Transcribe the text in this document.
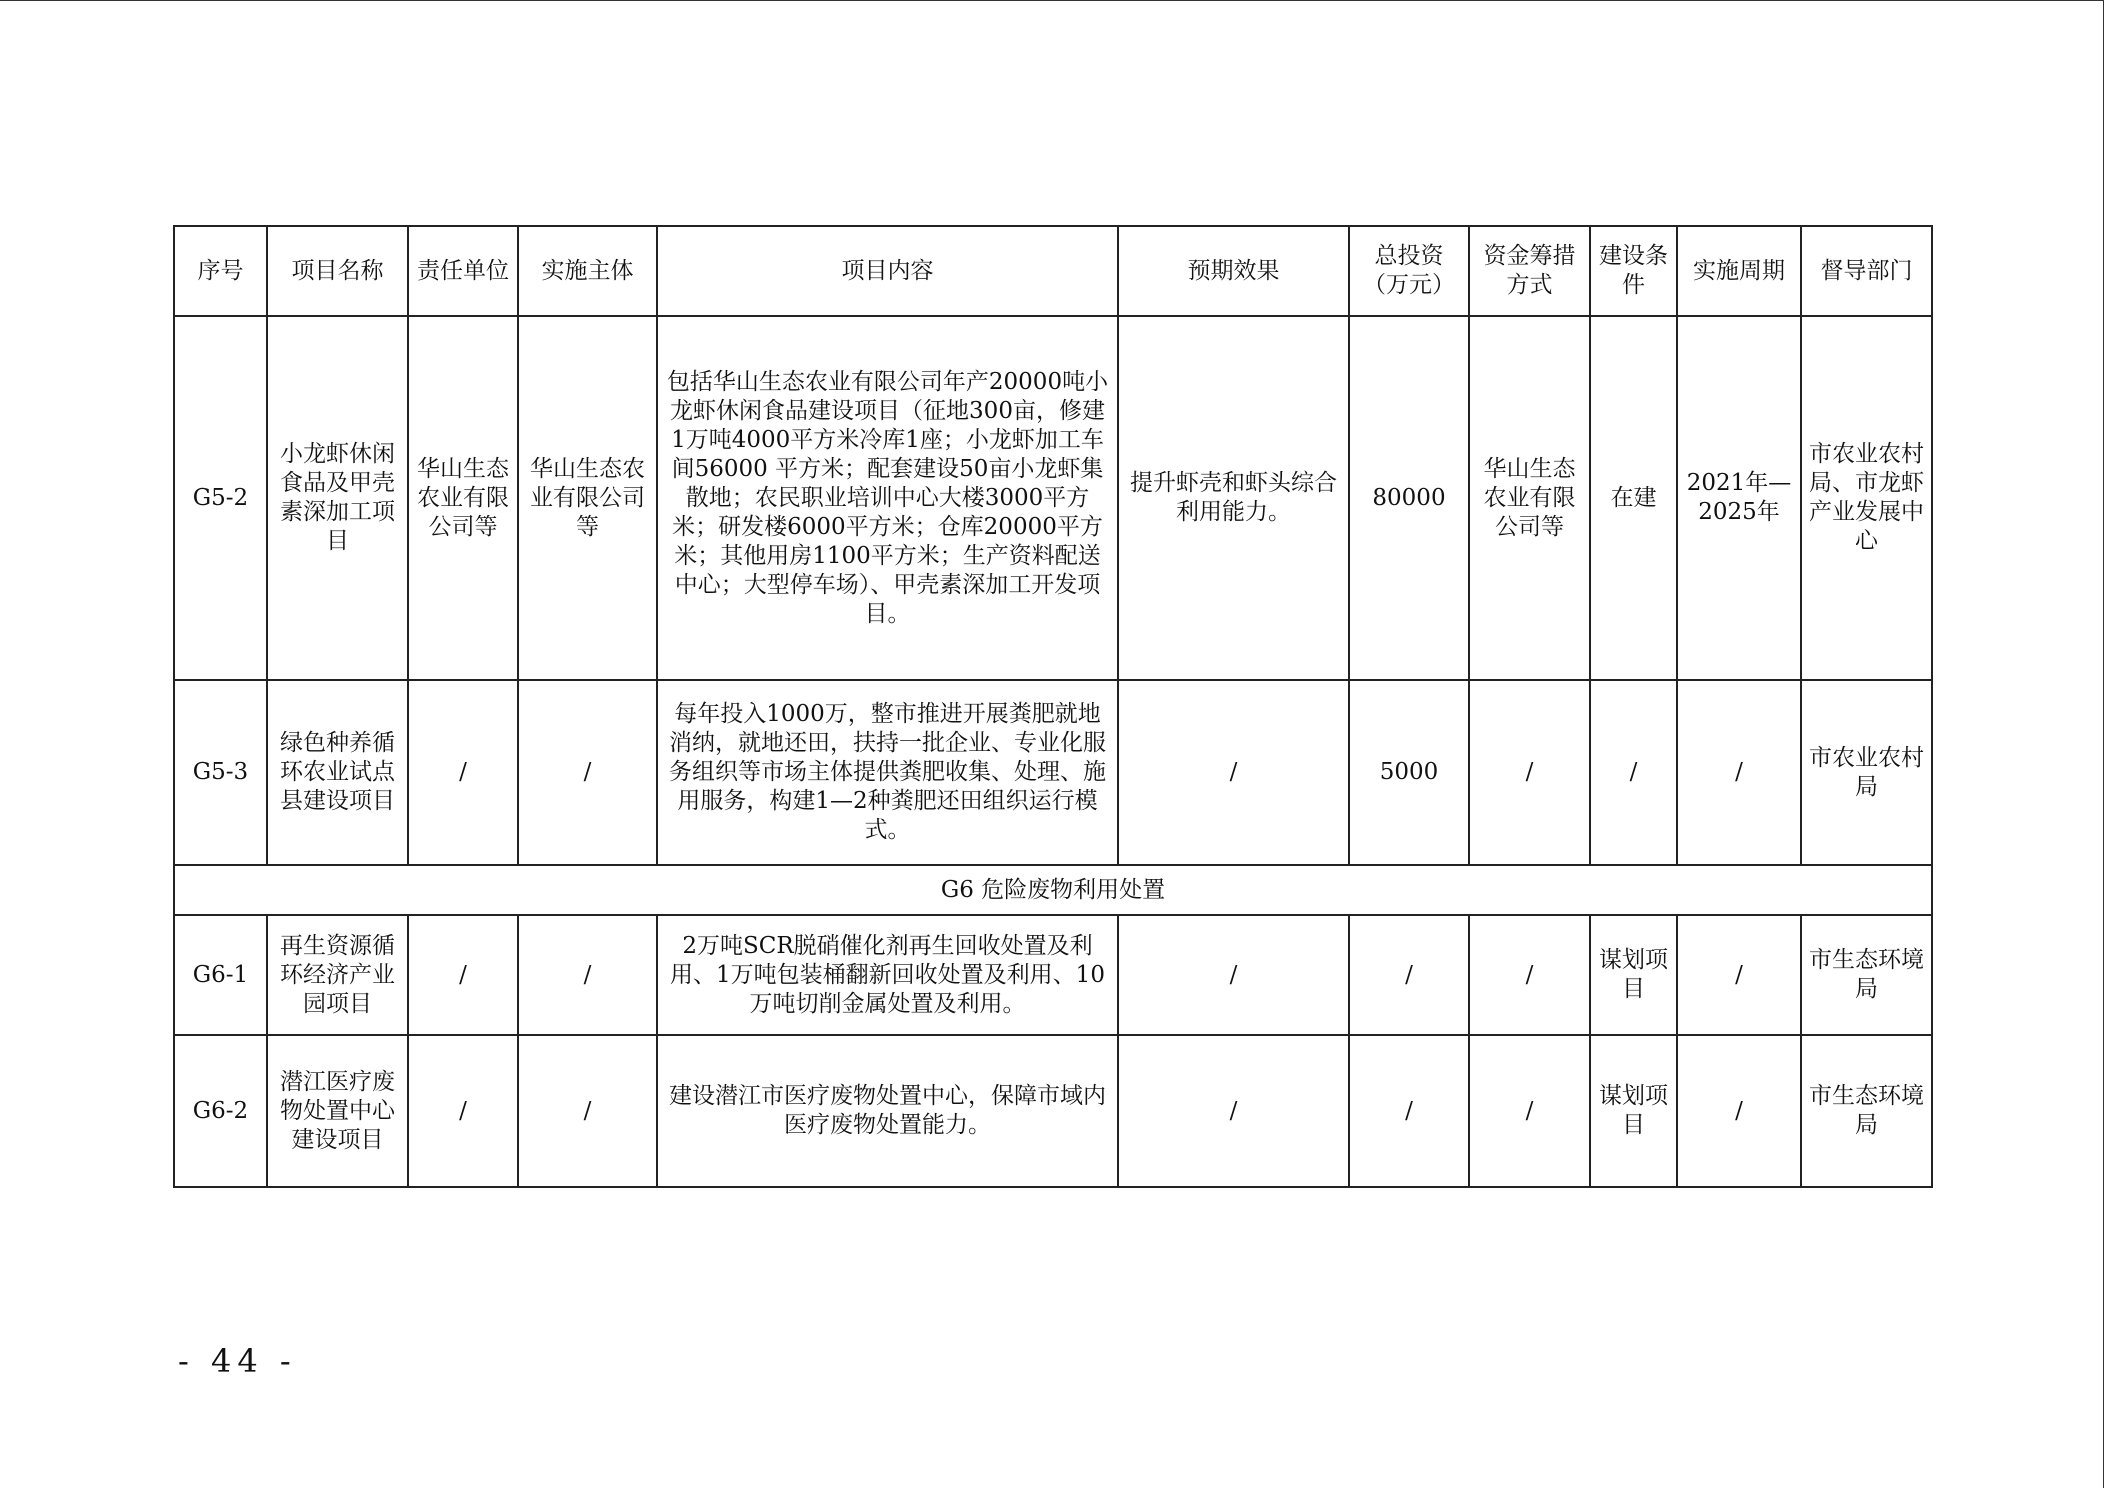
序号	项目名称	责任单位	实施主体	项目内容	预期效果	总投资（万元）	资金筹措方式	建设条件	实施周期	督导部门
G5-2	小龙虾休闲食品及甲壳素深加工项目	华山生态农业有限公司等	华山生态农业有限公司等	包括华山生态农业有限公司年产20000吨小龙虾休闲食品建设项目（征地300亩，修建1万吨4000平方米冷库1座；小龙虾加工车间56000 平方米；配套建设50亩小龙虾集散地；农民职业培训中心大楼3000平方米；研发楼6000平方米；仓库20000平方米；其他用房1100平方米；生产资料配送中心；大型停车场）、甲壳素深加工开发项目。	提升虾壳和虾头综合利用能力。	80000	华山生态农业有限公司等	在建	2021年—2025年	市农业农村局、市龙虾产业发展中心
G5-3	绿色种养循环农业试点县建设项目	/	/	每年投入1000万，整市推进开展粪肥就地消纳，就地还田，扶持一批企业、专业化服务组织等市场主体提供粪肥收集、处理、施用服务，构建1—2种粪肥还田组织运行模式。	/	5000	/	/	/	市农业农村局
G6 危险废物利用处置										
G6-1	再生资源循环经济产业园项目	/	/	2万吨SCR脱硝催化剂再生回收处置及利用、1万吨包装桶翻新回收处置及利用、10万吨切削金属处置及利用。	/	/	/	谋划项目	/	市生态环境局
G6-2	潜江医疗废物处置中心建设项目	/	/	建设潜江市医疗废物处置中心，保障市域内医疗废物处置能力。	/	/	/	谋划项目	/	市生态环境局
- 44 -
